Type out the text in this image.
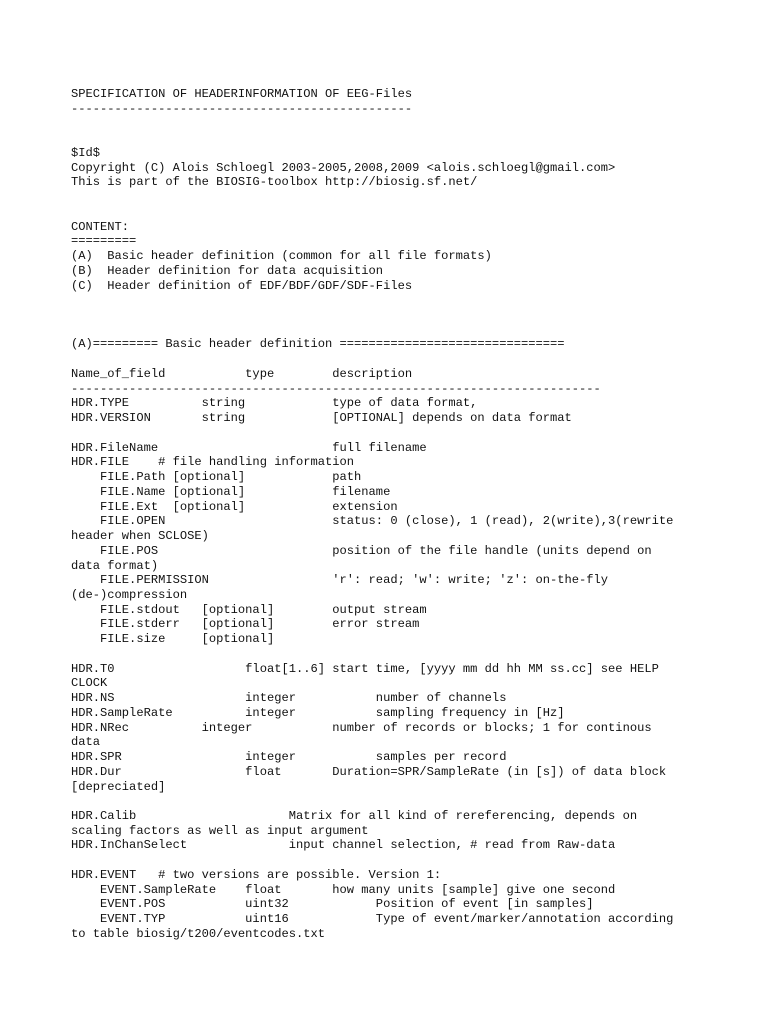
SPECIFICATION OF HEADERINFORMATION OF EEG-Files
-----------------------------------------------

$Id$
Copyright (C) Alois Schloegl 2003-2005,2008,2009 <alois.schloegl@gmail.com>
This is part of the BIOSIG-toolbox http://biosig.sf.net/

CONTENT:
=========
(A)  Basic header definition (common for all file formats)
(B)  Header definition for data acquisition
(C)  Header definition of EDF/BDF/GDF/SDF-Files

(A)========= Basic header definition ===============================

Name_of_field           type        description
-------------------------------------------------------------------------
HDR.TYPE          string            type of data format,
HDR.VERSION       string            [OPTIONAL] depends on data format

HDR.FileName                        full filename
HDR.FILE    # file handling information
FILE.Path [optional]            path
FILE.Name [optional]            filename
FILE.Ext  [optional]            extension
FILE.OPEN                       status: 0 (close), 1 (read), 2(write),3(rewrite
header when SCLOSE)
FILE.POS                        position of the file handle (units depend on
data format)
FILE.PERMISSION                 'r': read; 'w': write; 'z': on-the-fly
(de-)compression
FILE.stdout   [optional]        output stream
FILE.stderr   [optional]        error stream
FILE.size     [optional]

HDR.T0                  float[1..6] start time, [yyyy mm dd hh MM ss.cc] see HELP
CLOCK
HDR.NS                  integer           number of channels
HDR.SampleRate          integer           sampling frequency in [Hz]
HDR.NRec          integer           number of records or blocks; 1 for continous
data
HDR.SPR                 integer           samples per record
HDR.Dur                 float       Duration=SPR/SampleRate (in [s]) of data block
[depreciated]

HDR.Calib                     Matrix for all kind of rereferencing, depends on
scaling factors as well as input argument
HDR.InChanSelect              input channel selection, # read from Raw-data

HDR.EVENT   # two versions are possible. Version 1:
EVENT.SampleRate    float       how many units [sample] give one second
EVENT.POS           uint32            Position of event [in samples]
EVENT.TYP           uint16            Type of event/marker/annotation according
to table biosig/t200/eventcodes.txt
